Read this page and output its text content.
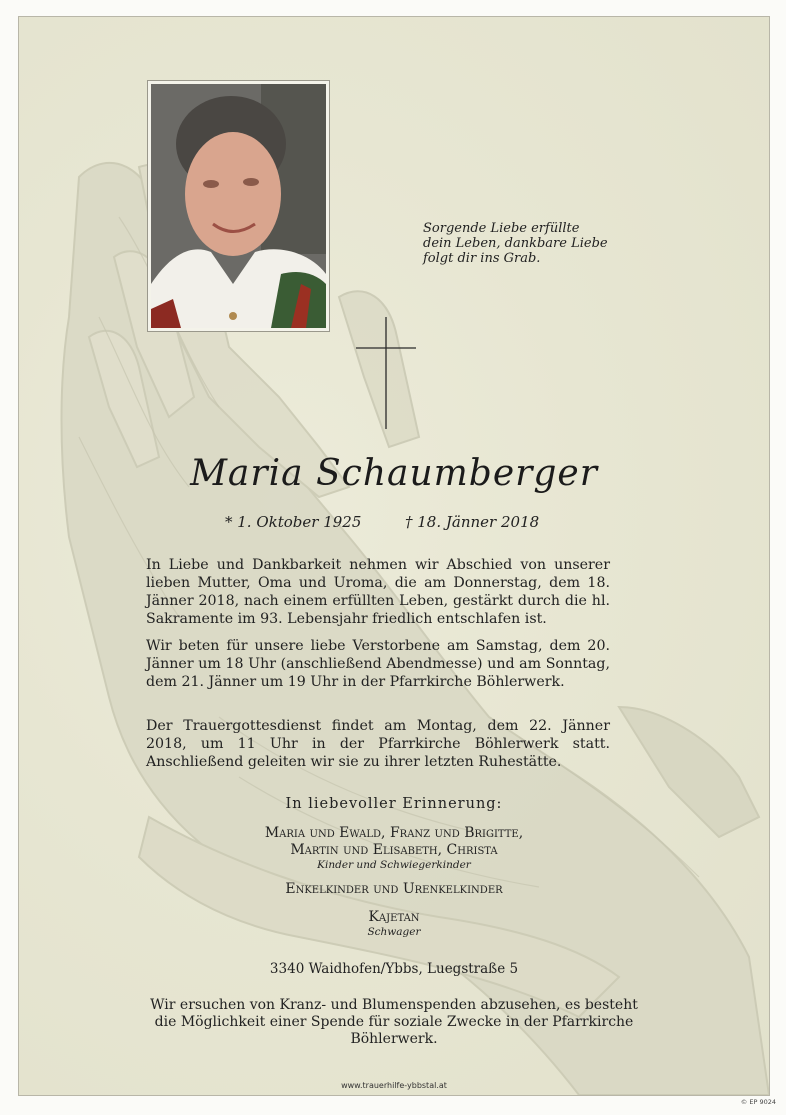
Sorgende Liebe erfüllte
dein Leben, dankbare Liebe
folgt dir ins Grab.
Maria Schaumberger
* 1. Oktober 1925	† 18. Jänner 2018
In Liebe und Dankbarkeit nehmen wir Abschied von unserer lieben Mutter, Oma und Uroma, die am Donnerstag, dem 18. Jänner 2018, nach einem erfüllten Leben, gestärkt durch die hl. Sakramente im 93. Lebensjahr friedlich entschlafen ist.
Wir beten für unsere liebe Verstorbene am Samstag, dem 20. Jänner um 18 Uhr (anschließend Abendmesse) und am Sonntag, dem 21. Jänner um 19 Uhr in der Pfarrkirche Böhlerwerk.
Der Trauergottesdienst findet am Montag, dem 22. Jänner 2018, um 11 Uhr in der Pfarrkirche Böhlerwerk statt. Anschließend geleiten wir sie zu ihrer letzten Ruhestätte.
In liebevoller Erinnerung:
Maria und Ewald, Franz und Brigitte,
Martin und Elisabeth, Christa
Kinder und Schwiegerkinder
Enkelkinder und Urenkelkinder
Kajetan
Schwager
3340 Waidhofen/Ybbs, Luegstraße 5
Wir ersuchen von Kranz- und Blumenspenden abzusehen, es besteht
die Möglichkeit einer Spende für soziale Zwecke in der Pfarrkirche
Böhlerwerk.
www.trauerhilfe-ybbstal.at
© EP 9024
